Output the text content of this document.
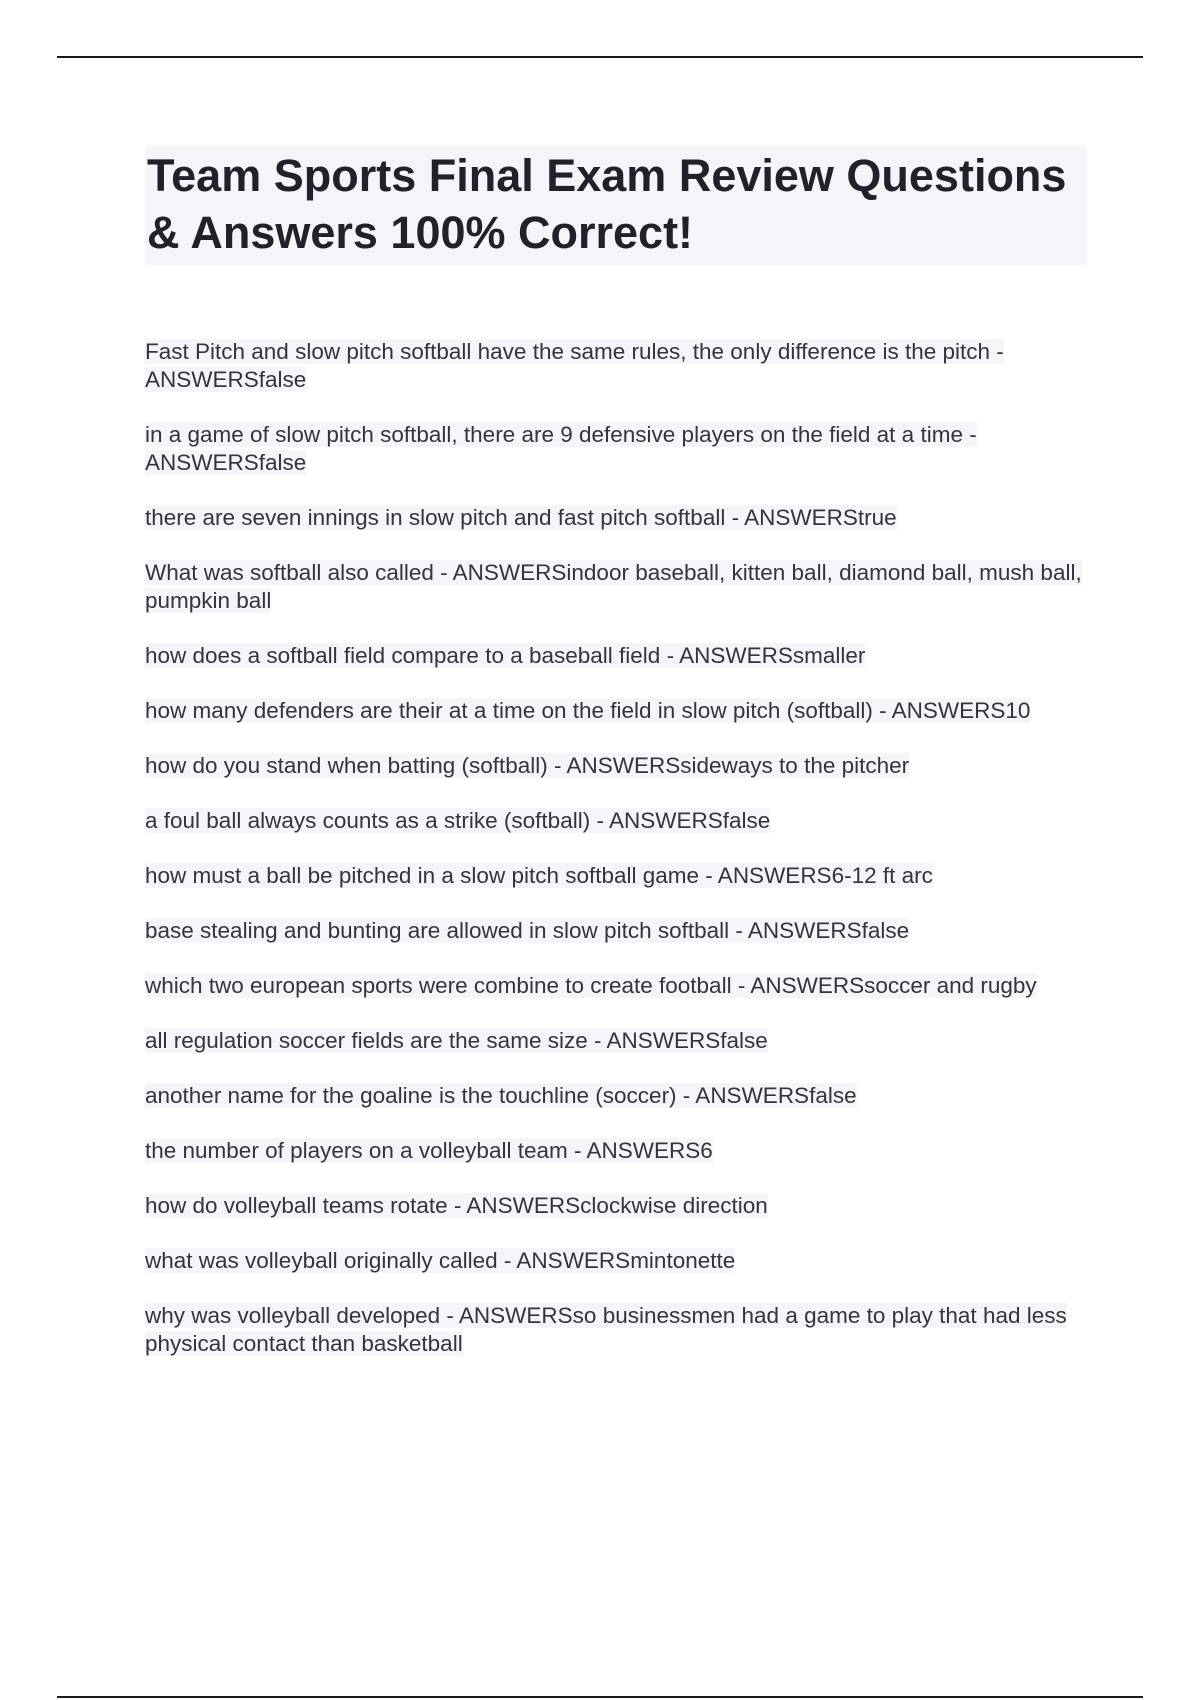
Team Sports Final Exam Review Questions & Answers 100% Correct!
Fast Pitch and slow pitch softball have the same rules, the only difference is the pitch - ANSWERSfalse
in a game of slow pitch softball, there are 9 defensive players on the field at a time - ANSWERSfalse
there are seven innings in slow pitch and fast pitch softball - ANSWERStrue
What was softball also called - ANSWERSindoor baseball, kitten ball, diamond ball, mush ball, pumpkin ball
how does a softball field compare to a baseball field - ANSWERSsmaller
how many defenders are their at a time on the field in slow pitch (softball) - ANSWERS10
how do you stand when batting (softball) - ANSWERSsideways to the pitcher
a foul ball always counts as a strike (softball) - ANSWERSfalse
how must a ball be pitched in a slow pitch softball game - ANSWERS6-12 ft arc
base stealing and bunting are allowed in slow pitch softball - ANSWERSfalse
which two european sports were combine to create football - ANSWERSsoccer and rugby
all regulation soccer fields are the same size - ANSWERSfalse
another name for the goaline is the touchline (soccer) - ANSWERSfalse
the number of players on a volleyball team - ANSWERS6
how do volleyball teams rotate - ANSWERSclockwise direction
what was volleyball originally called - ANSWERSmintonette
why was volleyball developed - ANSWERSso businessmen had a game to play that had less physical contact than basketball
